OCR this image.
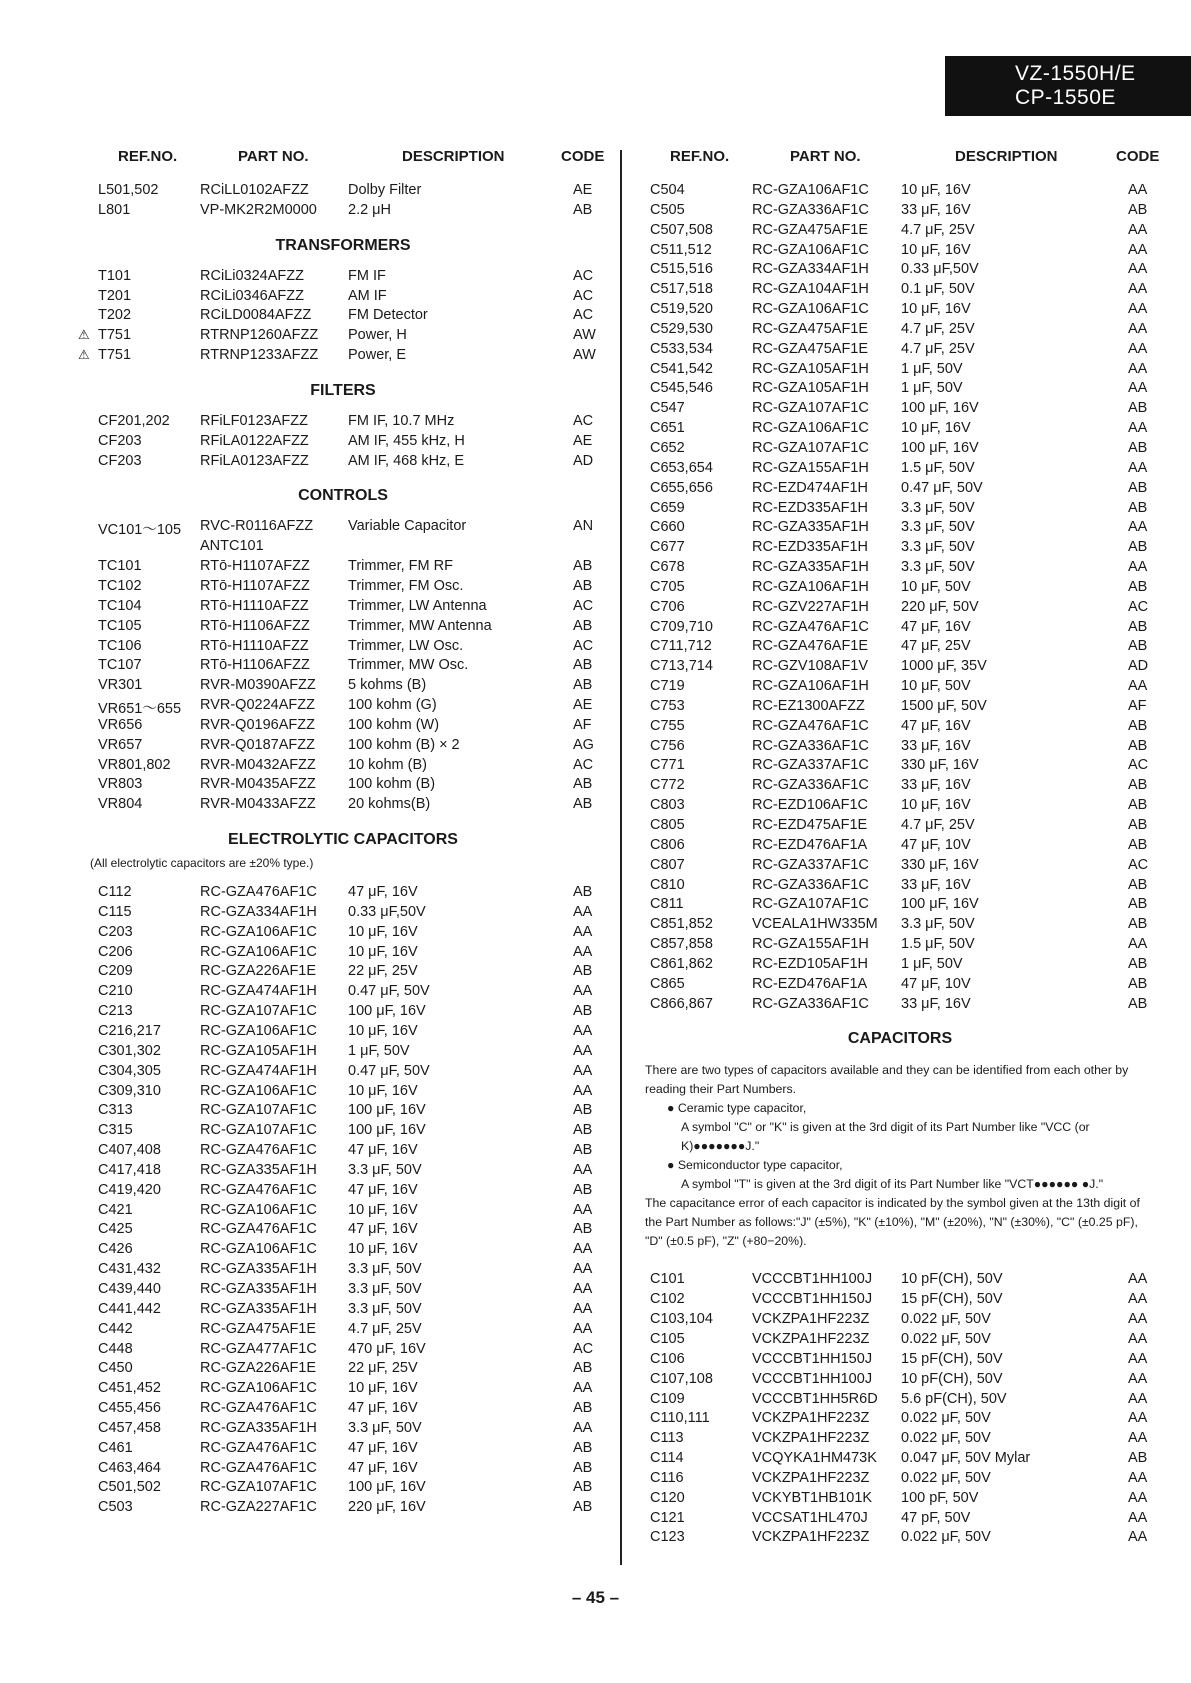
VZ-1550H/E
CP-1550E
REF.NO.	PART NO.	DESCRIPTION	CODE
L501,502	RCiLL0102AFZZ	Dolby Filter	AE
L801	VP-MK2R2M0000 2.2 μH	AB
TRANSFORMERS
T101	RCiLi0324AFZZ	FM IF	AC
T201	RCiLi0346AFZZ	AM IF	AC
T202	RCiLD0084AFZZ	FM Detector	AC
T751	RTRNP1260AFZZ Power, H	AW
⚠
T751	RTRNP1233AFZZ Power, E	AW
⚠
FILTERS
CF201,202 RFiLF0123AFZZ	FM IF, 10.7 MHz	AC
CF203	RFiLA0122AFZZ	AM IF, 455 kHz, H	AE
CF203	RFiLA0123AFZZ	AM IF, 468 kHz, E	AD
CONTROLS
VC101～105 RVC-R0116AFZZ Variable Capacitor	AN
ANTC101
TC101	RTō-H1107AFZZ	Trimmer, FM RF	AB
TC102	RTō-H1107AFZZ	Trimmer, FM Osc.	AB
TC104	RTō-H1110AFZZ	Trimmer, LW Antenna	AC
TC105	RTō-H1106AFZZ	Trimmer, MW Antenna	AB
TC106	RTō-H1110AFZZ	Trimmer, LW Osc.	AC
TC107	RTō-H1106AFZZ	Trimmer, MW Osc.	AB
VR301	RVR-M0390AFZZ 5 kohms (B)	AB
VR651～655 RVR-Q0224AFZZ 100 kohm (G)	AE
VR656	RVR-Q0196AFZZ 100 kohm (W)	AF
VR657	RVR-Q0187AFZZ 100 kohm (B) × 2	AG
VR801,802 RVR-M0432AFZZ 10 kohm (B)	AC
VR803	RVR-M0435AFZZ 100 kohm (B)	AB
VR804	RVR-M0433AFZZ 20 kohms(B)	AB
ELECTROLYTIC CAPACITORS
(All electrolytic capacitors are ±20% type.)
C112	RC-GZA476AF1C 47 μF, 16V	AB
C115	RC-GZA334AF1H 0.33 μF,50V	AA
C203	RC-GZA106AF1C 10 μF, 16V	AA
C206	RC-GZA106AF1C 10 μF, 16V	AA
C209	RC-GZA226AF1E 22 μF, 25V	AB
C210	RC-GZA474AF1H 0.47 μF, 50V	AA
C213	RC-GZA107AF1C 100 μF, 16V	AB
C216,217	RC-GZA106AF1C 10 μF, 16V	AA
C301,302	RC-GZA105AF1H 1 μF, 50V	AA
C304,305	RC-GZA474AF1H 0.47 μF, 50V	AA
C309,310	RC-GZA106AF1C 10 μF, 16V	AA
C313	RC-GZA107AF1C 100 μF, 16V	AB
C315	RC-GZA107AF1C 100 μF, 16V	AB
C407,408	RC-GZA476AF1C 47 μF, 16V	AB
C417,418	RC-GZA335AF1H 3.3 μF, 50V	AA
C419,420	RC-GZA476AF1C 47 μF, 16V	AB
C421	RC-GZA106AF1C 10 μF, 16V	AA
C425	RC-GZA476AF1C 47 μF, 16V	AB
C426	RC-GZA106AF1C 10 μF, 16V	AA
C431,432	RC-GZA335AF1H 3.3 μF, 50V	AA
C439,440	RC-GZA335AF1H 3.3 μF, 50V	AA
C441,442	RC-GZA335AF1H 3.3 μF, 50V	AA
C442	RC-GZA475AF1E 4.7 μF, 25V	AA
C448	RC-GZA477AF1C 470 μF, 16V	AC
C450	RC-GZA226AF1E 22 μF, 25V	AB
C451,452	RC-GZA106AF1C 10 μF, 16V	AA
C455,456	RC-GZA476AF1C 47 μF, 16V	AB
C457,458	RC-GZA335AF1H 3.3 μF, 50V	AA
C461	RC-GZA476AF1C 47 μF, 16V	AB
C463,464	RC-GZA476AF1C 47 μF, 16V	AB
C501,502	RC-GZA107AF1C 100 μF, 16V	AB
C503	RC-GZA227AF1C 220 μF, 16V	AB
REF.NO.	PART NO.	DESCRIPTION	CODE
C504	RC-GZA106AF1C 10 μF, 16V	AA
C505	RC-GZA336AF1C 33 μF, 16V	AB
C507,508	RC-GZA475AF1E 4.7 μF, 25V	AA
C511,512	RC-GZA106AF1C 10 μF, 16V	AA
C515,516	RC-GZA334AF1H 0.33 μF,50V	AA
C517,518	RC-GZA104AF1H 0.1 μF, 50V	AA
C519,520	RC-GZA106AF1C 10 μF, 16V	AA
C529,530	RC-GZA475AF1E 4.7 μF, 25V	AA
C533,534	RC-GZA475AF1E 4.7 μF, 25V	AA
C541,542	RC-GZA105AF1H 1 μF, 50V	AA
C545,546	RC-GZA105AF1H 1 μF, 50V	AA
C547	RC-GZA107AF1C 100 μF, 16V	AB
C651	RC-GZA106AF1C 10 μF, 16V	AA
C652	RC-GZA107AF1C 100 μF, 16V	AB
C653,654	RC-GZA155AF1H 1.5 μF, 50V	AA
C655,656	RC-EZD474AF1H 0.47 μF, 50V	AB
C659	RC-EZD335AF1H 3.3 μF, 50V	AB
C660	RC-GZA335AF1H 3.3 μF, 50V	AA
C677	RC-EZD335AF1H 3.3 μF, 50V	AB
C678	RC-GZA335AF1H 3.3 μF, 50V	AA
C705	RC-GZA106AF1H 10 μF, 50V	AB
C706	RC-GZV227AF1H 220 μF, 50V	AC
C709,710	RC-GZA476AF1C 47 μF, 16V	AB
C711,712	RC-GZA476AF1E 47 μF, 25V	AB
C713,714	RC-GZV108AF1V 1000 μF, 35V	AD
C719	RC-GZA106AF1H 10 μF, 50V	AA
C753	RC-EZ1300AFZZ 1500 μF, 50V	AF
C755	RC-GZA476AF1C 47 μF, 16V	AB
C756	RC-GZA336AF1C 33 μF, 16V	AB
C771	RC-GZA337AF1C 330 μF, 16V	AC
C772	RC-GZA336AF1C 33 μF, 16V	AB
C803	RC-EZD106AF1C 10 μF, 16V	AB
C805	RC-EZD475AF1E 4.7 μF, 25V	AB
C806	RC-EZD476AF1A 47 μF, 10V	AB
C807	RC-GZA337AF1C 330 μF, 16V	AC
C810	RC-GZA336AF1C 33 μF, 16V	AB
C811	RC-GZA107AF1C 100 μF, 16V	AB
C851,852	VCEALA1HW335M 3.3 μF, 50V	AB
C857,858	RC-GZA155AF1H 1.5 μF, 50V	AA
C861,862	RC-EZD105AF1H 1 μF, 50V	AB
C865	RC-EZD476AF1A 47 μF, 10V	AB
C866,867	RC-GZA336AF1C 33 μF, 16V	AB
CAPACITORS

There are two types of capacitors available and they can be identified from each other by reading their Part Numbers.

● Ceramic type capacitor,

A symbol "C" or "K" is given at the 3rd digit of its Part Number like "VCC (or K)●●●●●●●J."

● Semiconductor type capacitor,

A symbol "T" is given at the 3rd digit of its Part Number like "VCT●●●●●● ●J."

The capacitance error of each capacitor is indicated by the symbol given at the 13th digit of the Part Number as follows:"J" (±5%), "K" (±10%), "M" (±20%), "N" (±30%), "C" (±0.25 pF), "D" (±0.5 pF), "Z" (+80−20%).

C101	VCCCBT1HH100J 10 pF(CH), 50V	AA
C102	VCCCBT1HH150J 15 pF(CH), 50V	AA
C103,104	VCKZPA1HF223Z 0.022 μF, 50V	AA
C105	VCKZPA1HF223Z 0.022 μF, 50V	AA
C106	VCCCBT1HH150J 15 pF(CH), 50V	AA
C107,108	VCCCBT1HH100J 10 pF(CH), 50V	AA
C109	VCCCBT1HH5R6D 5.6 pF(CH), 50V	AA
C110,111	VCKZPA1HF223Z 0.022 μF, 50V	AA
C113	VCKZPA1HF223Z 0.022 μF, 50V	AA
C114	VCQYKA1HM473K 0.047 μF, 50V Mylar	AB
C116	VCKZPA1HF223Z 0.022 μF, 50V	AA
C120	VCKYBT1HB101K 100 pF, 50V	AA
C121	VCCSAT1HL470J 47 pF, 50V	AA
C123	VCKZPA1HF223Z 0.022 μF, 50V	AA
– 45 –
